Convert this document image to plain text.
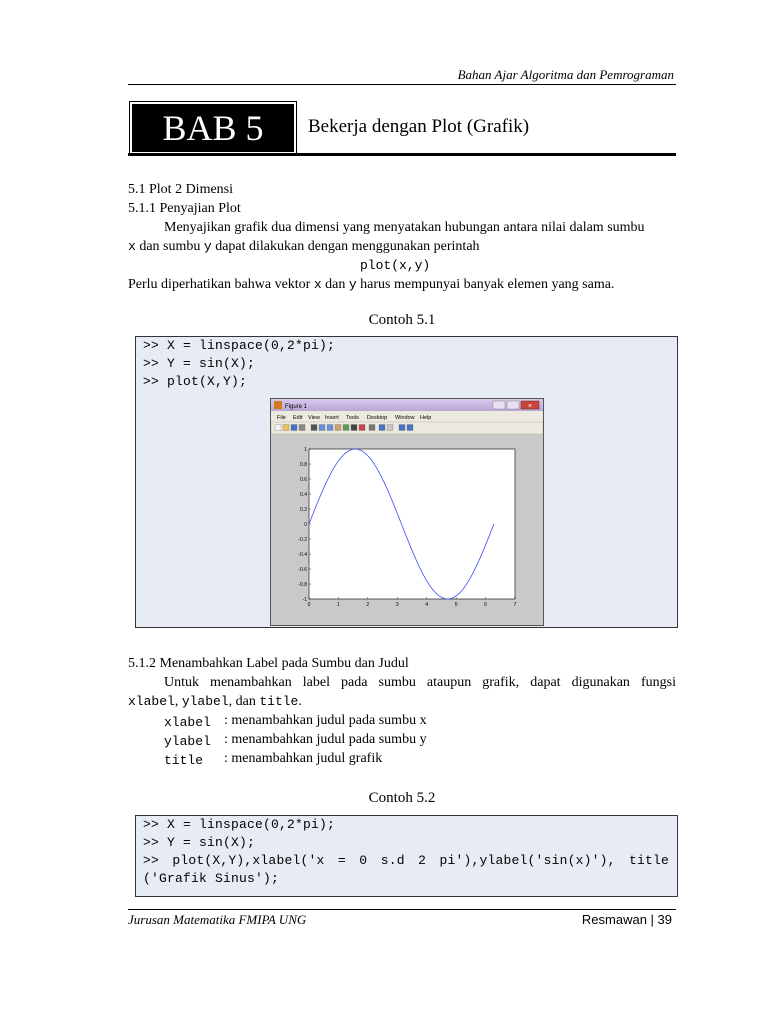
Bahan Ajar Algoritma dan Pemrograman
BAB 5	Bekerja dengan Plot (Grafik)
5.1 Plot 2 Dimensi
5.1.1 Penyajian Plot
Menyajikan grafik dua dimensi yang menyatakan hubungan antara nilai dalam sumbu
x dan sumbu y dapat dilakukan dengan menggunakan perintah
plot(x,y)
Perlu diperhatikan bahwa vektor x dan y harus mempunyai banyak elemen yang sama.
Contoh 5.1
>> X = linspace(0,2*pi);
>> Y = sin(X);
>> plot(X,Y);
Figure 1	×
File Edit View Insert Tools Desktop Window Help
0	1	2	3	4	5	6	7
-1
-0.8
-0.6
-0.4
-0.2
0
0.2
0.4
0.6
0.8
1
5.1.2 Menambahkan Label pada Sumbu dan Judul
Untuk menambahkan label pada sumbu ataupun grafik, dapat digunakan fungsi
xlabel, ylabel, dan title.
xlabel : menambahkan judul pada sumbu x
ylabel : menambahkan judul pada sumbu y
title : menambahkan judul grafik
Contoh 5.2
>> X = linspace(0,2*pi);
>> Y = sin(X);
>> plot(X,Y),xlabel('x = 0 s.d 2 pi'),ylabel('sin(x)'), title
('Grafik Sinus');
Jurusan Matematika FMIPA UNG	Resmawan | 39
